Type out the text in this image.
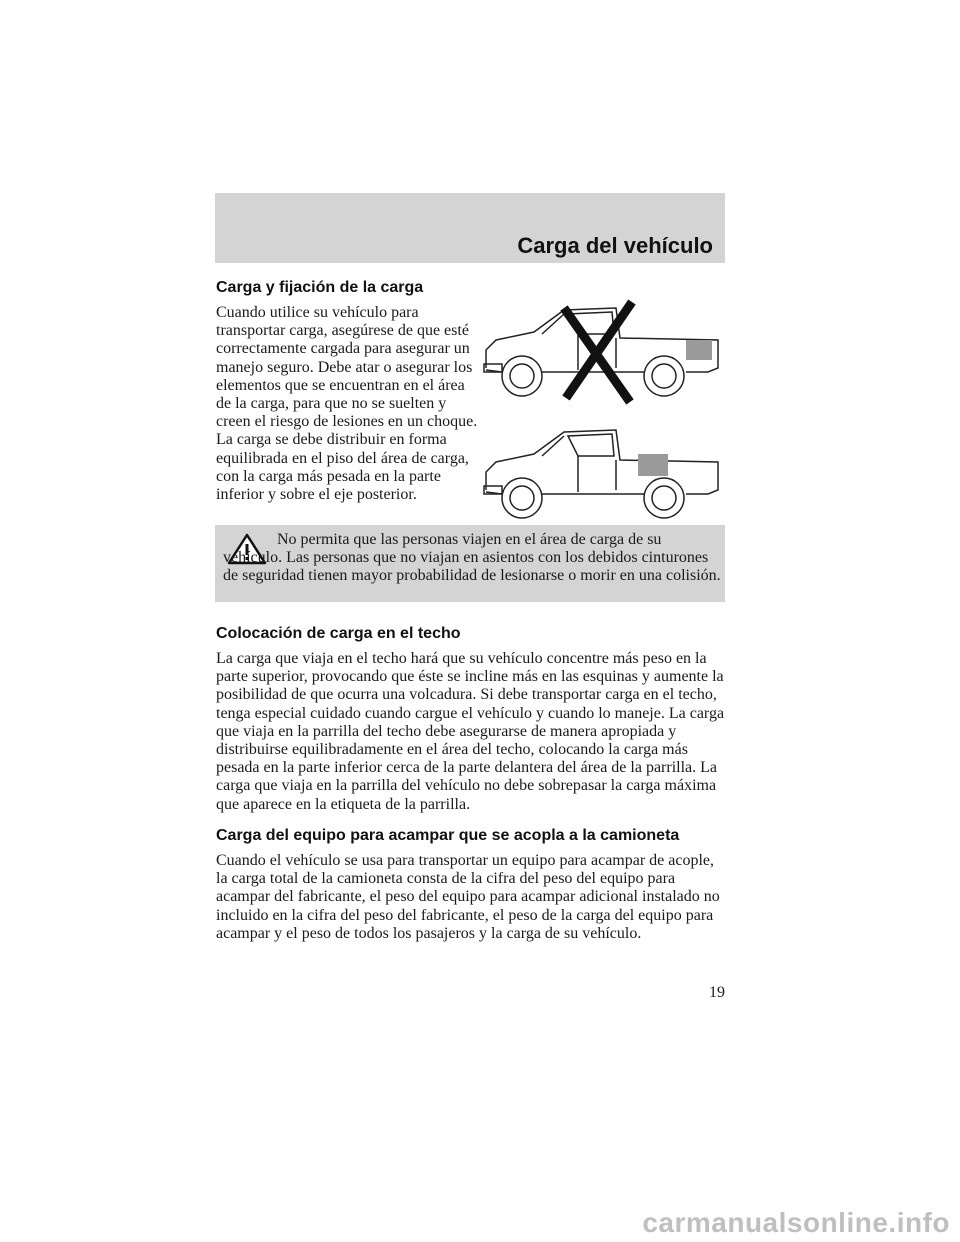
Carga del vehículo
Carga y fijación de la carga

Cuando utilice su vehículo para transportar carga, asegúrese de que esté correctamente cargada para asegurar un manejo seguro. Debe atar o asegurar los elementos que se encuentran en el área de la carga, para que no se suelten y creen el riesgo de lesiones en un choque. La carga se debe distribuir en forma equilibrada en el piso del área de carga, con la carga más pesada en la parte inferior y sobre el eje posterior.

No permita que las personas viajen en el área de carga de su vehículo. Las personas que no viajan en asientos con los debidos cinturones de seguridad tienen mayor probabilidad de lesionarse o morir en una colisión.

Colocación de carga en el techo

La carga que viaja en el techo hará que su vehículo concentre más peso en la parte superior, provocando que éste se incline más en las esquinas y aumente la posibilidad de que ocurra una volcadura. Si debe transportar carga en el techo, tenga especial cuidado cuando cargue el vehículo y cuando lo maneje. La carga que viaja en la parrilla del techo debe asegurarse de manera apropiada y distribuirse equilibradamente en el área del techo, colocando la carga más pesada en la parte inferior cerca de la parte delantera del área de la parrilla. La carga que viaja en la parrilla del vehículo no debe sobrepasar la carga máxima que aparece en la etiqueta de la parrilla.

Carga del equipo para acampar que se acopla a la camioneta

Cuando el vehículo se usa para transportar un equipo para acampar de acople, la carga total de la camioneta consta de la cifra del peso del equipo para acampar del fabricante, el peso del equipo para acampar adicional instalado no incluido en la cifra del peso del fabricante, el peso de la carga del equipo para acampar y el peso de todos los pasajeros y la carga de su vehículo.

19
carmanualsonline.info
